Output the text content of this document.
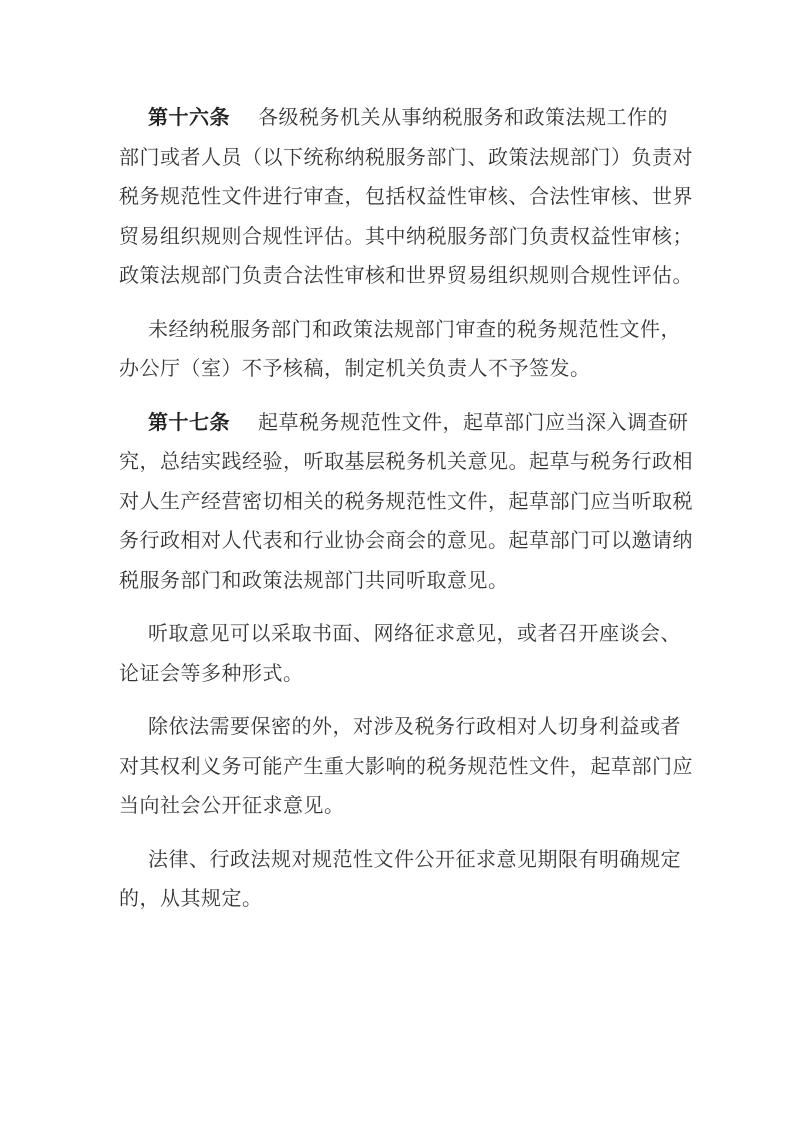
第十六条 各级税务机关从事纳税服务和政策法规工作的
部门或者人员（以下统称纳税服务部门、政策法规部门）负责对
税务规范性文件进行审查，包括权益性审核、合法性审核、世界
贸易组织规则合规性评估。其中纳税服务部门负责权益性审核；
政策法规部门负责合法性审核和世界贸易组织规则合规性评估。
未经纳税服务部门和政策法规部门审查的税务规范性文件，
办公厅（室）不予核稿，制定机关负责人不予签发。
第十七条 起草税务规范性文件，起草部门应当深入调查研
究，总结实践经验，听取基层税务机关意见。起草与税务行政相
对人生产经营密切相关的税务规范性文件，起草部门应当听取税
务行政相对人代表和行业协会商会的意见。起草部门可以邀请纳
税服务部门和政策法规部门共同听取意见。
听取意见可以采取书面、网络征求意见，或者召开座谈会、
论证会等多种形式。
除依法需要保密的外，对涉及税务行政相对人切身利益或者
对其权利义务可能产生重大影响的税务规范性文件，起草部门应
当向社会公开征求意见。
法律、行政法规对规范性文件公开征求意见期限有明确规定
的，从其规定。
